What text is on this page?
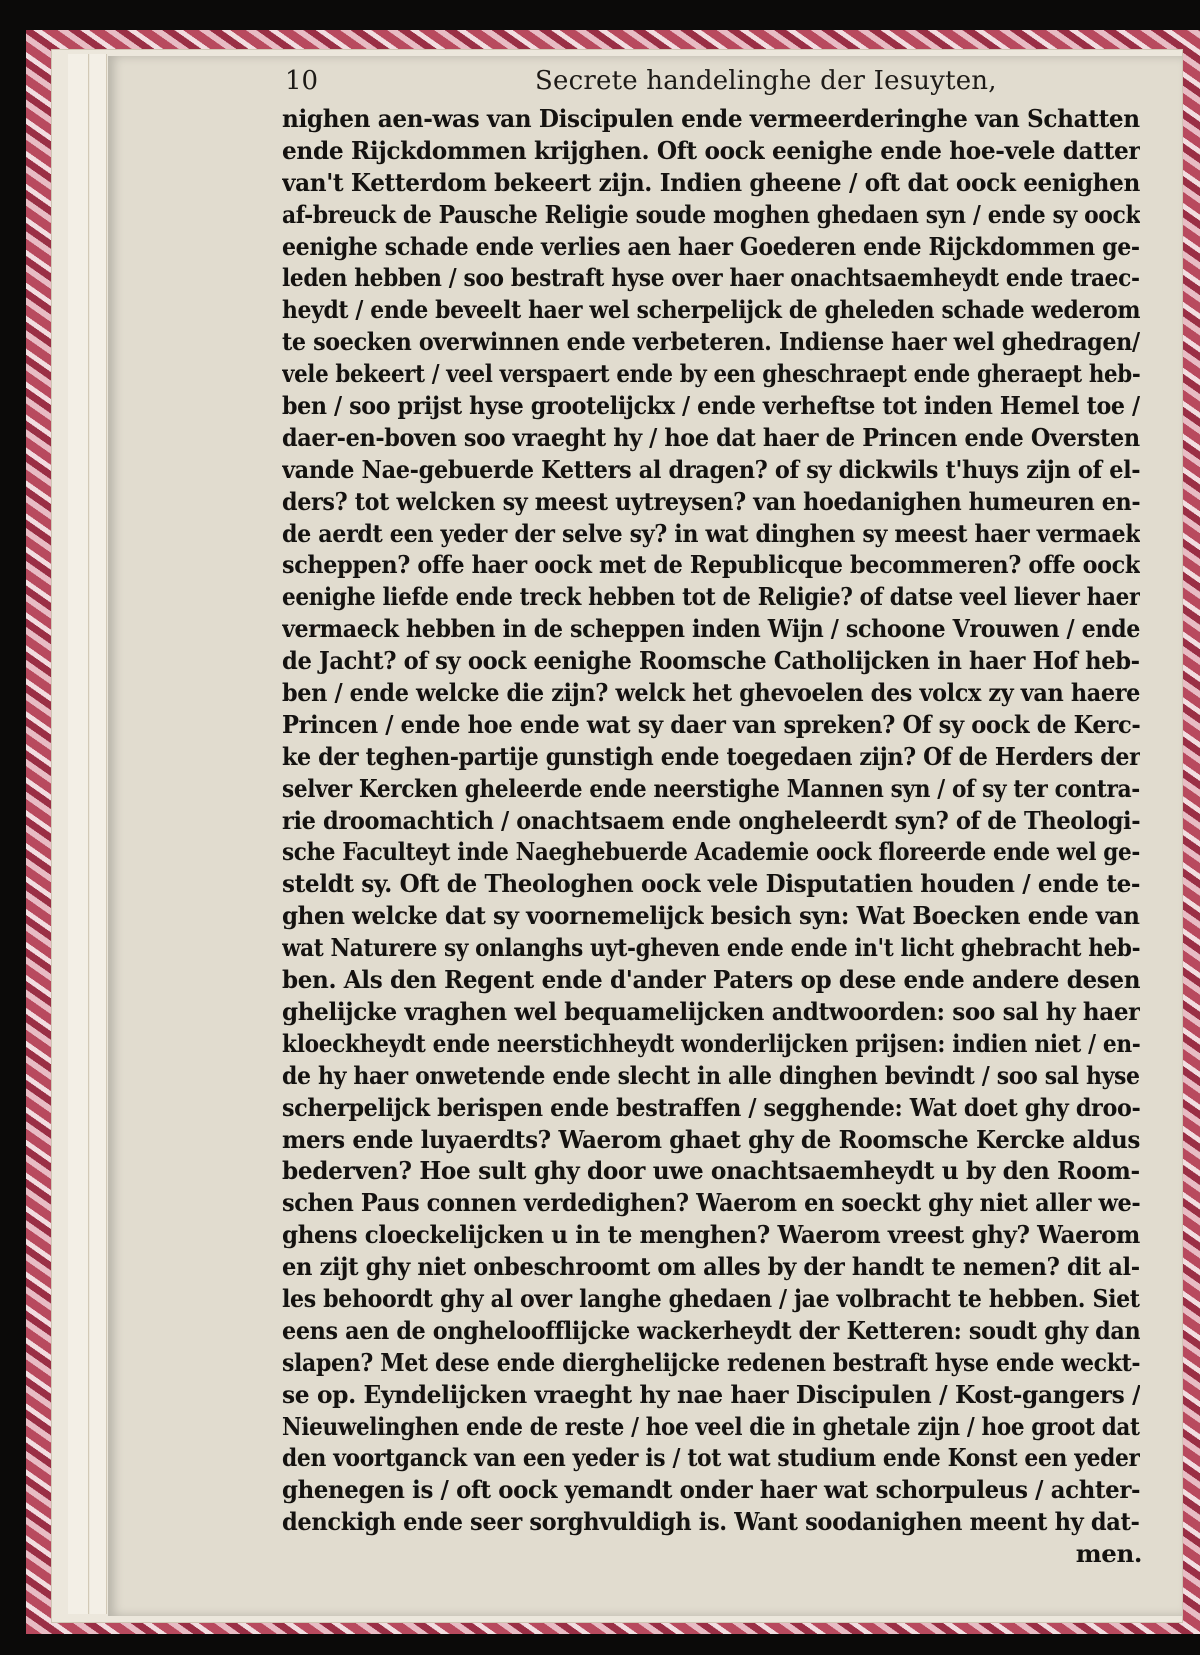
10	Secrete handelinghe der Iesuyten,
nighen aen-was van Discipulen ende vermeerderinghe van Schatten
ende Rijckdommen krijghen. Oft oock eenighe ende hoe-vele datter
van't Ketterdom bekeert zijn. Indien gheene / oft dat oock eenighen
af-breuck de Pausche Religie soude moghen ghedaen syn / ende sy oock
eenighe schade ende verlies aen haer Goederen ende Rijckdommen ge-
leden hebben / soo bestraft hyse over haer onachtsaemheydt ende traec-
heydt / ende beveelt haer wel scherpelijck de gheleden schade wederom
te soecken overwinnen ende verbeteren. Indiense haer wel ghedragen/
vele bekeert / veel verspaert ende by een gheschraept ende gheraept heb-
ben / soo prijst hyse grootelijckx / ende verheftse tot inden Hemel toe /
daer-en-boven soo vraeght hy / hoe dat haer de Princen ende Oversten
vande Nae-gebuerde Ketters al dragen? of sy dickwils t'huys zijn of el-
ders? tot welcken sy meest uytreysen? van hoedanighen humeuren en-
de aerdt een yeder der selve sy? in wat dinghen sy meest haer vermaek
scheppen? offe haer oock met de Republicque becommeren? offe oock
eenighe liefde ende treck hebben tot de Religie? of datse veel liever haer
vermaeck hebben in de scheppen inden Wijn / schoone Vrouwen / ende
de Jacht? of sy oock eenighe Roomsche Catholijcken in haer Hof heb-
ben / ende welcke die zijn? welck het ghevoelen des volcx zy van haere
Princen / ende hoe ende wat sy daer van spreken? Of sy oock de Kerc-
ke der teghen-partije gunstigh ende toegedaen zijn? Of de Herders der
selver Kercken gheleerde ende neerstighe Mannen syn / of sy ter contra-
rie droomachtich / onachtsaem ende ongheleerdt syn? of de Theologi-
sche Faculteyt inde Naeghebuerde Academie oock floreerde ende wel ge-
steldt sy. Oft de Theologhen oock vele Disputatien houden / ende te-
ghen welcke dat sy voornemelijck besich syn: Wat Boecken ende van
wat Naturere sy onlanghs uyt-gheven ende ende in't licht ghebracht heb-
ben. Als den Regent ende d'ander Paters op dese ende andere desen
ghelijcke vraghen wel bequamelijcken andtwoorden: soo sal hy haer
kloeckheydt ende neerstichheydt wonderlijcken prijsen: indien niet / en-
de hy haer onwetende ende slecht in alle dinghen bevindt / soo sal hyse
scherpelijck berispen ende bestraffen / segghende: Wat doet ghy droo-
mers ende luyaerdts? Waerom ghaet ghy de Roomsche Kercke aldus
bederven? Hoe sult ghy door uwe onachtsaemheydt u by den Room-
schen Paus connen verdedighen? Waerom en soeckt ghy niet aller we-
ghens cloeckelijcken u in te menghen? Waerom vreest ghy? Waerom
en zijt ghy niet onbeschroomt om alles by der handt te nemen? dit al-
les behoordt ghy al over langhe ghedaen / jae volbracht te hebben. Siet
eens aen de ongheloofflijcke wackerheydt der Ketteren: soudt ghy dan
slapen? Met dese ende dierghelijcke redenen bestraft hyse ende weckt-
se op. Eyndelijcken vraeght hy nae haer Discipulen / Kost-gangers /
Nieuwelinghen ende de reste / hoe veel die in ghetale zijn / hoe groot dat
den voortganck van een yeder is / tot wat studium ende Konst een yeder
ghenegen is / oft oock yemandt onder haer wat schorpuleus / achter-
denckigh ende seer sorghvuldigh is. Want soodanighen meent hy dat-
men.
